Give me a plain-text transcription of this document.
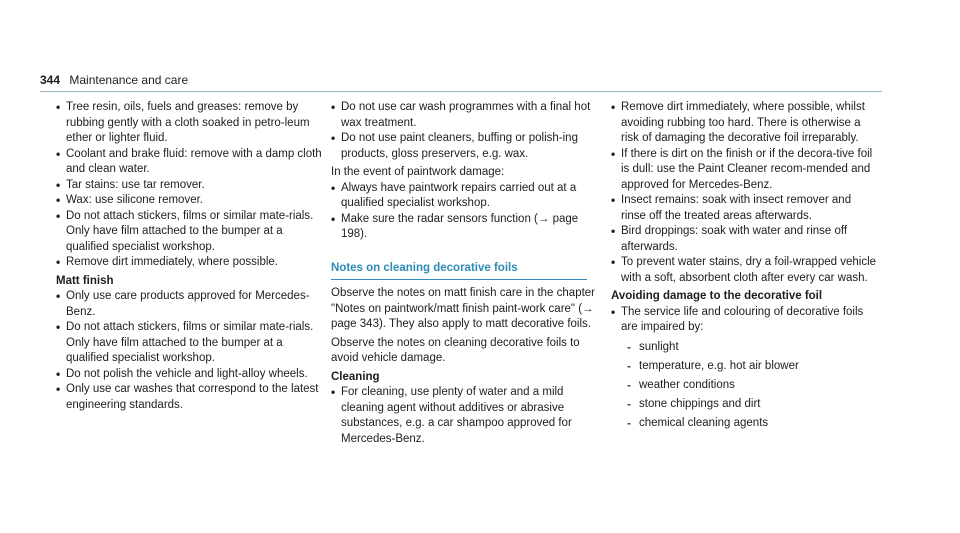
344 Maintenance and care
• Tree resin, oils, fuels and greases: remove by rubbing gently with a cloth soaked in petro-leum ether or lighter fluid.
• Coolant and brake fluid: remove with a damp cloth and clean water.
• Tar stains: use tar remover.
• Wax: use silicone remover.
• Do not attach stickers, films or similar mate-rials. Only have film attached to the bumper at a qualified specialist workshop.
• Remove dirt immediately, where possible.

Matt finish

• Only use care products approved for Mercedes-Benz.
• Do not attach stickers, films or similar mate-rials. Only have film attached to the bumper at a qualified specialist workshop.
• Do not polish the vehicle and light-alloy wheels.
• Only use car washes that correspond to the latest engineering standards.
• Do not use car wash programmes with a final hot wax treatment.
• Do not use paint cleaners, buffing or polish-ing products, gloss preservers, e.g. wax.

In the event of paintwork damage:

• Always have paintwork repairs carried out at a qualified specialist workshop.
• Make sure the radar sensors function (→ page 198).
Notes on cleaning decorative foils

Observe the notes on matt finish care in the chapter "Notes on paintwork/matt finish paint-work care" (→ page 343). They also apply to matt decorative foils.

Observe the notes on cleaning decorative foils to avoid vehicle damage.

Cleaning

• For cleaning, use plenty of water and a mild cleaning agent without additives or abrasive substances, e.g. a car shampoo approved for Mercedes-Benz.
• Remove dirt immediately, where possible, whilst avoiding rubbing too hard. There is otherwise a risk of damaging the decorative foil irreparably.
• If there is dirt on the finish or if the decora-tive foil is dull: use the Paint Cleaner recom-mended and approved for Mercedes-Benz.
• Insect remains: soak with insect remover and rinse off the treated areas afterwards.
• Bird droppings: soak with water and rinse off afterwards.
• To prevent water stains, dry a foil-wrapped vehicle with a soft, absorbent cloth after every car wash.

Avoiding damage to the decorative foil

• The service life and colouring of decorative foils are impaired by:
- sunlight
- temperature, e.g. hot air blower
- weather conditions
- stone chippings and dirt
- chemical cleaning agents
